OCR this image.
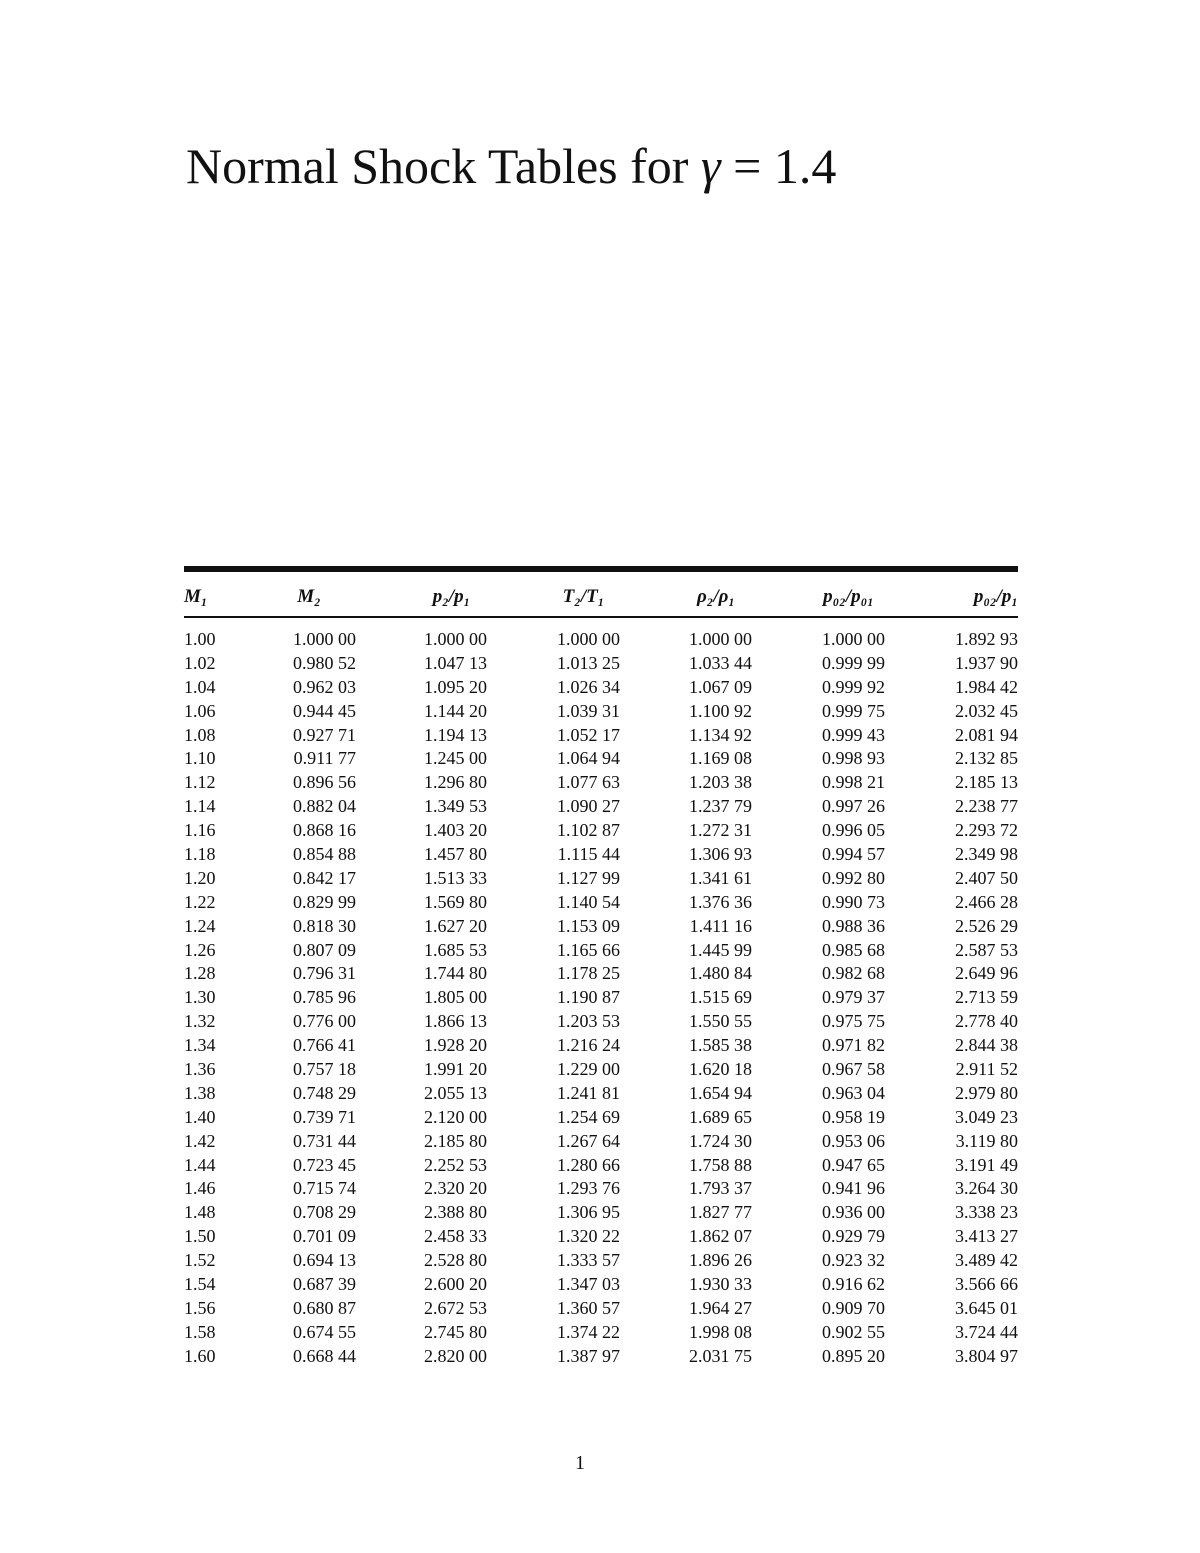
Normal Shock Tables for γ = 1.4
M₁	M₂	p₂/p₁	T₂/T₁	ρ₂/ρ₁	p₀₂/p₀₁	p₀₂/p₁
1.00	1.000 00	1.000 00	1.000 00	1.000 00	1.000 00	1.892 93
1.02	0.980 52	1.047 13	1.013 25	1.033 44	0.999 99	1.937 90
1.04	0.962 03	1.095 20	1.026 34	1.067 09	0.999 92	1.984 42
1.06	0.944 45	1.144 20	1.039 31	1.100 92	0.999 75	2.032 45
1.08	0.927 71	1.194 13	1.052 17	1.134 92	0.999 43	2.081 94
1.10	0.911 77	1.245 00	1.064 94	1.169 08	0.998 93	2.132 85
1.12	0.896 56	1.296 80	1.077 63	1.203 38	0.998 21	2.185 13
1.14	0.882 04	1.349 53	1.090 27	1.237 79	0.997 26	2.238 77
1.16	0.868 16	1.403 20	1.102 87	1.272 31	0.996 05	2.293 72
1.18	0.854 88	1.457 80	1.115 44	1.306 93	0.994 57	2.349 98
1.20	0.842 17	1.513 33	1.127 99	1.341 61	0.992 80	2.407 50
1.22	0.829 99	1.569 80	1.140 54	1.376 36	0.990 73	2.466 28
1.24	0.818 30	1.627 20	1.153 09	1.411 16	0.988 36	2.526 29
1.26	0.807 09	1.685 53	1.165 66	1.445 99	0.985 68	2.587 53
1.28	0.796 31	1.744 80	1.178 25	1.480 84	0.982 68	2.649 96
1.30	0.785 96	1.805 00	1.190 87	1.515 69	0.979 37	2.713 59
1.32	0.776 00	1.866 13	1.203 53	1.550 55	0.975 75	2.778 40
1.34	0.766 41	1.928 20	1.216 24	1.585 38	0.971 82	2.844 38
1.36	0.757 18	1.991 20	1.229 00	1.620 18	0.967 58	2.911 52
1.38	0.748 29	2.055 13	1.241 81	1.654 94	0.963 04	2.979 80
1.40	0.739 71	2.120 00	1.254 69	1.689 65	0.958 19	3.049 23
1.42	0.731 44	2.185 80	1.267 64	1.724 30	0.953 06	3.119 80
1.44	0.723 45	2.252 53	1.280 66	1.758 88	0.947 65	3.191 49
1.46	0.715 74	2.320 20	1.293 76	1.793 37	0.941 96	3.264 30
1.48	0.708 29	2.388 80	1.306 95	1.827 77	0.936 00	3.338 23
1.50	0.701 09	2.458 33	1.320 22	1.862 07	0.929 79	3.413 27
1.52	0.694 13	2.528 80	1.333 57	1.896 26	0.923 32	3.489 42
1.54	0.687 39	2.600 20	1.347 03	1.930 33	0.916 62	3.566 66
1.56	0.680 87	2.672 53	1.360 57	1.964 27	0.909 70	3.645 01
1.58	0.674 55	2.745 80	1.374 22	1.998 08	0.902 55	3.724 44
1.60	0.668 44	2.820 00	1.387 97	2.031 75	0.895 20	3.804 97
1
